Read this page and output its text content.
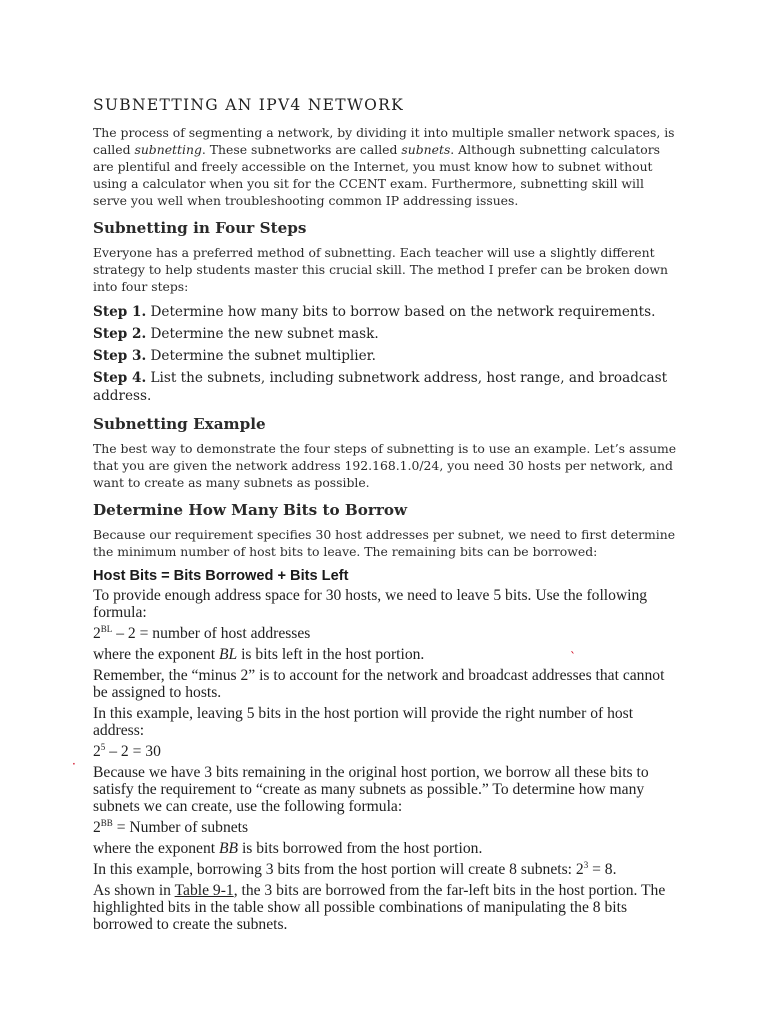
SUBNETTING AN IPV4 NETWORK

The process of segmenting a network, by dividing it into multiple smaller network spaces, is called subnetting. These subnetworks are called subnets. Although subnetting calculators are plentiful and freely accessible on the Internet, you must know how to subnet without using a calculator when you sit for the CCENT exam. Furthermore, subnetting skill will serve you well when troubleshooting common IP addressing issues.

Subnetting in Four Steps

Everyone has a preferred method of subnetting. Each teacher will use a slightly different strategy to help students master this crucial skill. The method I prefer can be broken down into four steps:

Step 1. Determine how many bits to borrow based on the network requirements.

Step 2. Determine the new subnet mask.

Step 3. Determine the subnet multiplier.

Step 4. List the subnets, including subnetwork address, host range, and broadcast address.

Subnetting Example

The best way to demonstrate the four steps of subnetting is to use an example. Let’s assume that you are given the network address 192.168.1.0/24, you need 30 hosts per network, and want to create as many subnets as possible.

Determine How Many Bits to Borrow

Because our requirement specifies 30 host addresses per subnet, we need to first determine the minimum number of host bits to leave. The remaining bits can be borrowed:

Host Bits = Bits Borrowed + Bits Left

To provide enough address space for 30 hosts, we need to leave 5 bits. Use the following formula:

$2^{BL} - 2$ = number of host addresses

where the exponent BL is bits left in the host portion.

Remember, the “minus 2” is to account for the network and broadcast addresses that cannot be assigned to hosts.

In this example, leaving 5 bits in the host portion will provide the right number of host address:

$2^5 - 2 = 30$

Because we have 3 bits remaining in the original host portion, we borrow all these bits to satisfy the requirement to “create as many subnets as possible.” To determine how many subnets we can create, use the following formula:

$2^{BB}$ = Number of subnets

where the exponent BB is bits borrowed from the host portion.

In this example, borrowing 3 bits from the host portion will create 8 subnets: $2^3 = 8$.

As shown in Table 9-1, the 3 bits are borrowed from the far-left bits in the host portion. The highlighted bits in the table show all possible combinations of manipulating the 8 bits borrowed to create the subnets.

·
ˋ
